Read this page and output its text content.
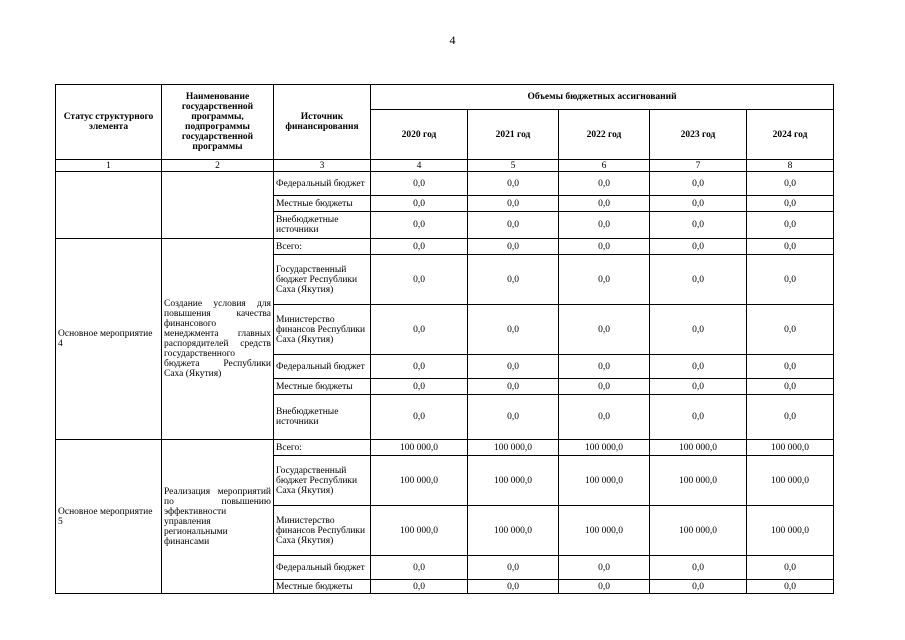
4
Статус структурного элемента	Наименование государственной программы, подпрограммы государственной программы	Источник финансирования	Объемы бюджетных ассигнований				
			2020 год	2021 год	2022 год	2023 год	2024 год
1	2	3	4	5	6	7	8
		Федеральный бюджет	0,0	0,0	0,0	0,0	0,0
		Местные бюджеты	0,0	0,0	0,0	0,0	0,0
		Внебюджетные источники	0,0	0,0	0,0	0,0	0,0
Основное мероприятие 4	Создание условия для повышения качества финансового менеджмента главных распорядителей средств государственного бюджета Республики Саха (Якутия)	Всего:	0,0	0,0	0,0	0,0	0,0
		Государственный бюджет Республики Саха (Якутия)	0,0	0,0	0,0	0,0	0,0
		Министерство финансов Республики Саха (Якутия)	0,0	0,0	0,0	0,0	0,0
		Федеральный бюджет	0,0	0,0	0,0	0,0	0,0
		Местные бюджеты	0,0	0,0	0,0	0,0	0,0
		Внебюджетные источники	0,0	0,0	0,0	0,0	0,0
Основное мероприятие 5	Реализация мероприятий по повышению эффективности управления региональными финансами	Всего:	100 000,0	100 000,0	100 000,0	100 000,0	100 000,0
		Государственный бюджет Республики Саха (Якутия)	100 000,0	100 000,0	100 000,0	100 000,0	100 000,0
		Министерство финансов Республики Саха (Якутия)	100 000,0	100 000,0	100 000,0	100 000,0	100 000,0
		Федеральный бюджет	0,0	0,0	0,0	0,0	0,0
		Местные бюджеты	0,0	0,0	0,0	0,0	0,0
